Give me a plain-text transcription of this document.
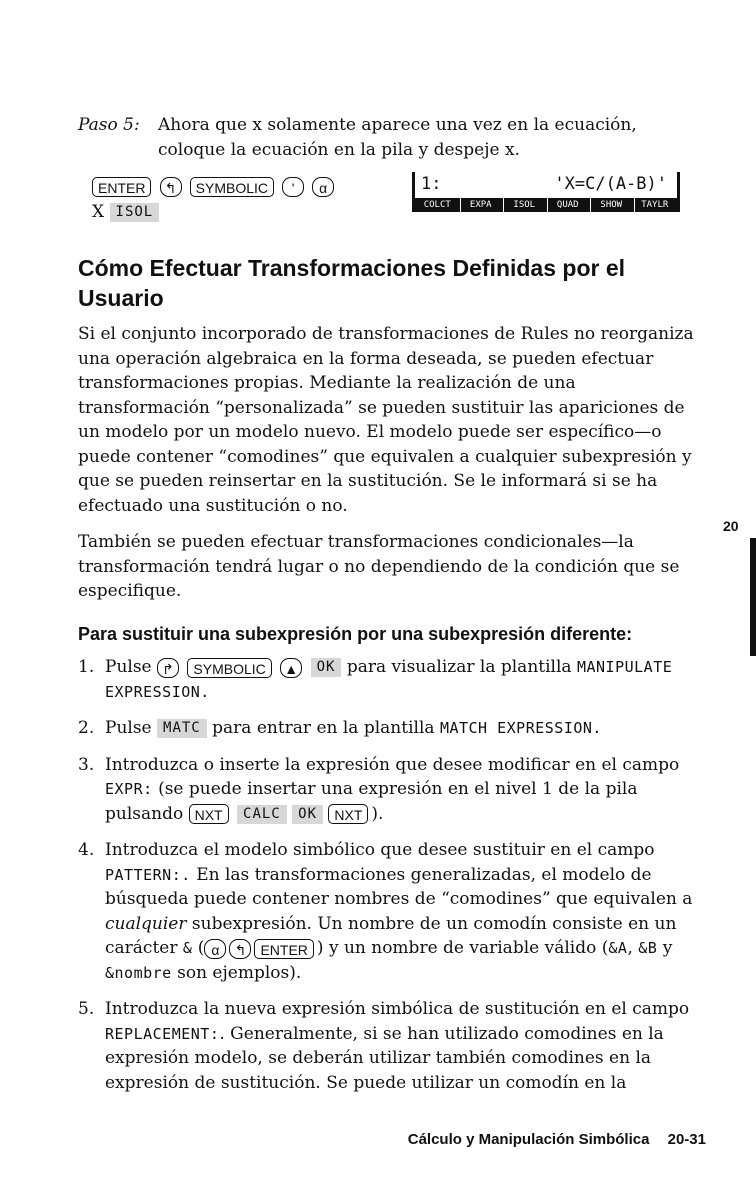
Paso 5: Ahora que x solamente aparece una vez en la ecuación, coloque la ecuación en la pila y despeje x.
ENTER ↰ SYMBOLIC ' α
X ISOL
1:	'X=C/(A-B)'
COLCT	EXPA	ISOL	QUAD	SHOW	TAYLR
Cómo Efectuar Transformaciones Definidas por el Usuario
Si el conjunto incorporado de transformaciones de Rules no reorganiza una operación algebraica en la forma deseada, se pueden efectuar transformaciones propias. Mediante la realización de una transformación “personalizada” se pueden sustituir las apariciones de un modelo por un modelo nuevo. El modelo puede ser específico—o puede contener “comodines” que equivalen a cualquier subexpresión y que se pueden reinsertar en la sustitución. Se le informará si se ha efectuado una sustitución o no.
También se pueden efectuar transformaciones condicionales—la transformación tendrá lugar o no dependiendo de la condición que se especifique.
Para sustituir una subexpresión por una subexpresión diferente:
1. Pulse ↱ SYMBOLIC ▲ OK para visualizar la plantilla MANIPULATE EXPRESSION.
2. Pulse MATC para entrar en la plantilla MATCH EXPRESSION.
3. Introduzca o inserte la expresión que desee modificar en el campo EXPR: (se puede insertar una expresión en el nivel 1 de la pila pulsando NXT CALC OK NXT ).
4. Introduzca el modelo simbólico que desee sustituir en el campo PATTERN:. En las transformaciones generalizadas, el modelo de búsqueda puede contener nombres de “comodines” que equivalen a cualquier subexpresión. Un nombre de un comodín consiste en un carácter & ( α ↰ ENTER ) y un nombre de variable válido (&A, &B y &nombre son ejemplos).
5. Introduzca la nueva expresión simbólica de sustitución en el campo REPLACEMENT:. Generalmente, si se han utilizado comodines en la expresión modelo, se deberán utilizar también comodines en la expresión de sustitución. Se puede utilizar un comodín en la
20
Cálculo y Manipulación Simbólica 20-31
